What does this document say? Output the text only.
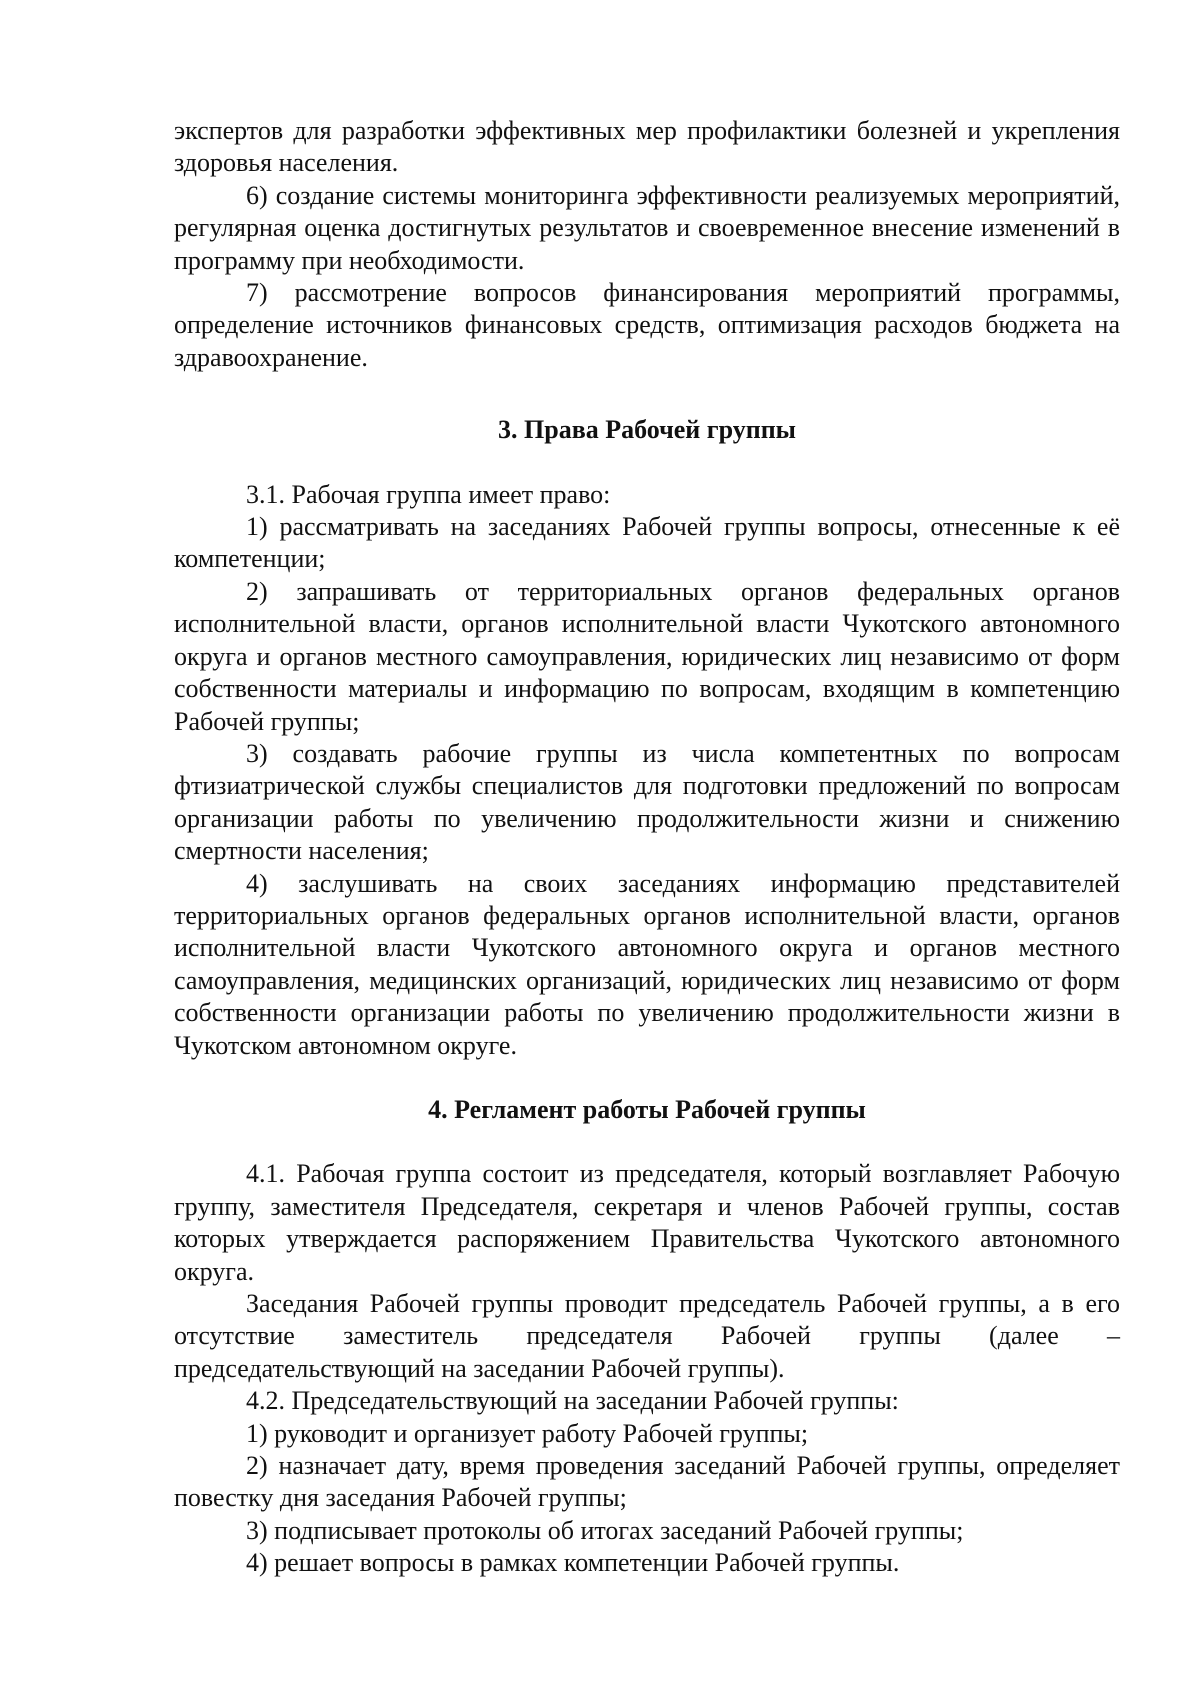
экспертов для разработки эффективных мер профилактики болезней и укрепления здоровья населения.

6) создание системы мониторинга эффективности реализуемых мероприятий, регулярная оценка достигнутых результатов и своевременное внесение изменений в программу при необходимости.

7) рассмотрение вопросов финансирования мероприятий программы, определение источников финансовых средств, оптимизация расходов бюджета на здравоохранение.

3. Права Рабочей группы

3.1. Рабочая группа имеет право:

1) рассматривать на заседаниях Рабочей группы вопросы, отнесенные к её компетенции;

2) запрашивать от территориальных органов федеральных органов исполнительной власти, органов исполнительной власти Чукотского автономного округа и органов местного самоуправления, юридических лиц независимо от форм собственности материалы и информацию по вопросам, входящим в компетенцию Рабочей группы;

3) создавать рабочие группы из числа компетентных по вопросам фтизиатрической службы специалистов для подготовки предложений по вопросам организации работы по увеличению продолжительности жизни и снижению смертности населения;

4) заслушивать на своих заседаниях информацию представителей территориальных органов федеральных органов исполнительной власти, органов исполнительной власти Чукотского автономного округа и органов местного самоуправления, медицинских организаций, юридических лиц независимо от форм собственности организации работы по увеличению продолжительности жизни в Чукотском автономном округе.

4. Регламент работы Рабочей группы

4.1. Рабочая группа состоит из председателя, который возглавляет Рабочую группу, заместителя Председателя, секретаря и членов Рабочей группы, состав которых утверждается распоряжением Правительства Чукотского автономного округа.

Заседания Рабочей группы проводит председатель Рабочей группы, а в его отсутствие заместитель председателя Рабочей группы (далее – председательствующий на заседании Рабочей группы).

4.2. Председательствующий на заседании Рабочей группы:

1) руководит и организует работу Рабочей группы;

2) назначает дату, время проведения заседаний Рабочей группы, определяет повестку дня заседания Рабочей группы;

3) подписывает протоколы об итогах заседаний Рабочей группы;

4) решает вопросы в рамках компетенции Рабочей группы.
